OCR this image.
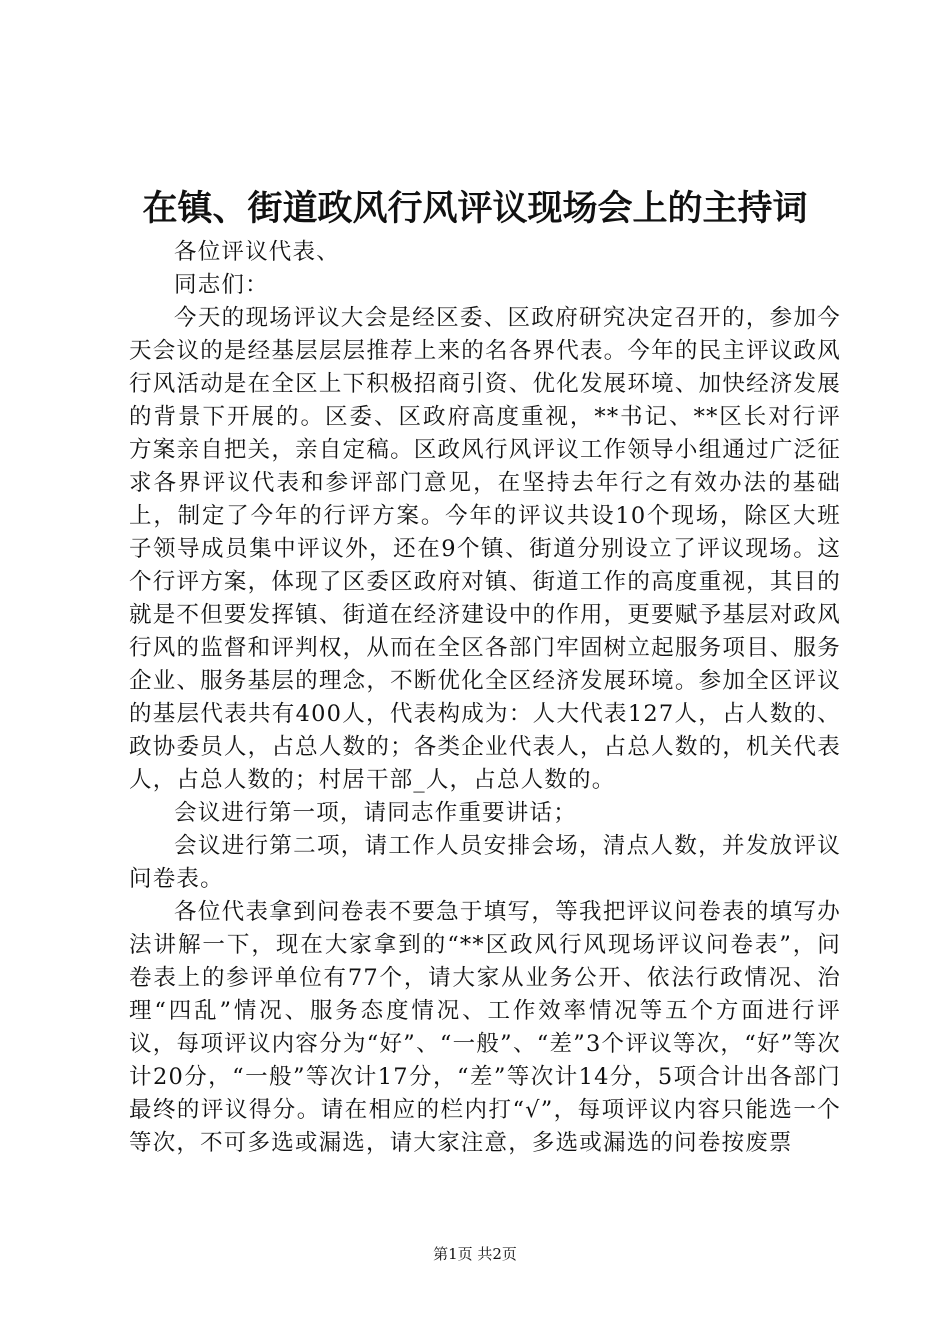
在镇、街道政风行风评议现场会上的主持词

各位评议代表、

同志们：

今天的现场评议大会是经区委、区政府研究决定召开的，参加今天会议的是经基层层层推荐上来的名各界代表。今年的民主评议政风行风活动是在全区上下积极招商引资、优化发展环境、加快经济发展的背景下开展的。区委、区政府高度重视，**书记、**区长对行评方案亲自把关，亲自定稿。区政风行风评议工作领导小组通过广泛征求各界评议代表和参评部门意见，在坚持去年行之有效办法的基础上，制定了今年的行评方案。今年的评议共设10个现场，除区大班子领导成员集中评议外，还在9个镇、街道分别设立了评议现场。这个行评方案，体现了区委区政府对镇、街道工作的高度重视，其目的就是不但要发挥镇、街道在经济建设中的作用，更要赋予基层对政风行风的监督和评判权，从而在全区各部门牢固树立起服务项目、服务企业、服务基层的理念，不断优化全区经济发展环境。参加全区评议的基层代表共有400人，代表构成为：人大代表127人，占人数的、政协委员人，占总人数的；各类企业代表人，占总人数的，机关代表人，占总人数的；村居干部_人，占总人数的。

会议进行第一项，请同志作重要讲话；

会议进行第二项，请工作人员安排会场，清点人数，并发放评议问卷表。

各位代表拿到问卷表不要急于填写，等我把评议问卷表的填写办法讲解一下，现在大家拿到的“**区政风行风现场评议问卷表”，问卷表上的参评单位有77个，请大家从业务公开、依法行政情况、治理“四乱”情况、服务态度情况、工作效率情况等五个方面进行评议，每项评议内容分为“好”、“一般”、“差”3个评议等次，“好”等次计20分，“一般”等次计17分，“差”等次计14分，5项合计出各部门最终的评议得分。请在相应的栏内打“√”，每项评议内容只能选一个等次，不可多选或漏选，请大家注意，多选或漏选的问卷按废票

第1页 共2页
